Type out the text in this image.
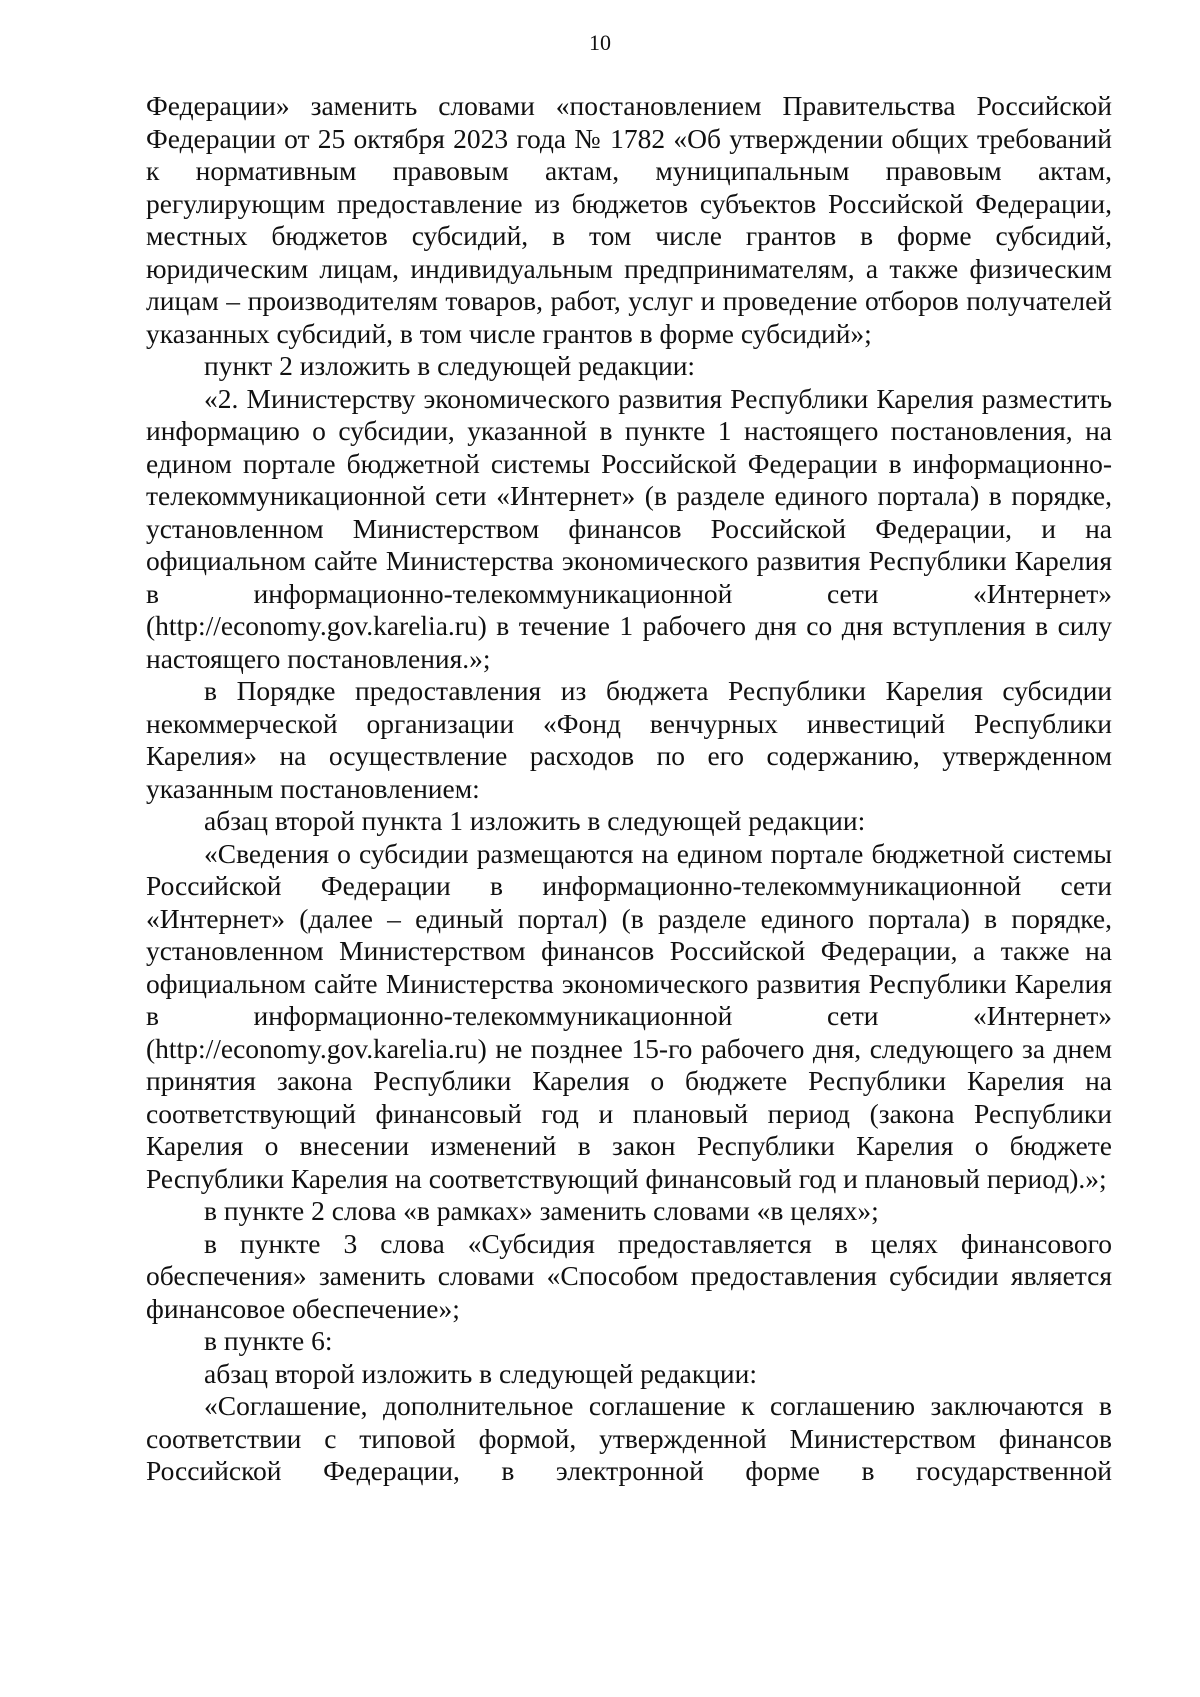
10

Федерации» заменить словами «постановлением Правительства Российской Федерации от 25 октября 2023 года № 1782 «Об утверждении общих требований к нормативным правовым актам, муниципальным правовым актам, регулирующим предоставление из бюджетов субъектов Российской Федерации, местных бюджетов субсидий, в том числе грантов в форме субсидий, юридическим лицам, индивидуальным предпринимателям, а также физическим лицам – производителям товаров, работ, услуг и проведение отборов получателей указанных субсидий, в том числе грантов в форме субсидий»;

пункт 2 изложить в следующей редакции:

«2. Министерству экономического развития Республики Карелия разместить информацию о субсидии, указанной в пункте 1 настоящего постановления, на едином портале бюджетной системы Российской Федерации в информационно-телекоммуникационной сети «Интернет» (в разделе единого портала) в порядке, установленном Министерством финансов Российской Федерации, и на официальном сайте Министерства экономического развития Республики Карелия в информационно-телекоммуникационной сети «Интернет» (http://economy.gov.karelia.ru) в течение 1 рабочего дня со дня вступления в силу настоящего постановления.»;

в Порядке предоставления из бюджета Республики Карелия субсидии некоммерческой организации «Фонд венчурных инвестиций Республики Карелия» на осуществление расходов по его содержанию, утвержденном указанным постановлением:

абзац второй пункта 1 изложить в следующей редакции:

«Сведения о субсидии размещаются на едином портале бюджетной системы Российской Федерации в информационно-телекоммуникационной сети «Интернет» (далее – единый портал) (в разделе единого портала) в порядке, установленном Министерством финансов Российской Федерации, а также на официальном сайте Министерства экономического развития Республики Карелия в информационно-телекоммуникационной сети «Интернет» (http://economy.gov.karelia.ru) не позднее 15-го рабочего дня, следующего за днем принятия закона Республики Карелия о бюджете Республики Карелия на соответствующий финансовый год и плановый период (закона Республики Карелия о внесении изменений в закон Республики Карелия о бюджете Республики Карелия на соответствующий финансовый год и плановый период).»;

в пункте 2 слова «в рамках» заменить словами «в целях»;

в пункте 3 слова «Субсидия предоставляется в целях финансового обеспечения» заменить словами «Способом предоставления субсидии является финансовое обеспечение»;

в пункте 6:

абзац второй изложить в следующей редакции:

«Соглашение, дополнительное соглашение к соглашению заключаются в соответствии с типовой формой, утвержденной Министерством финансов Российской Федерации, в электронной форме в государственной
